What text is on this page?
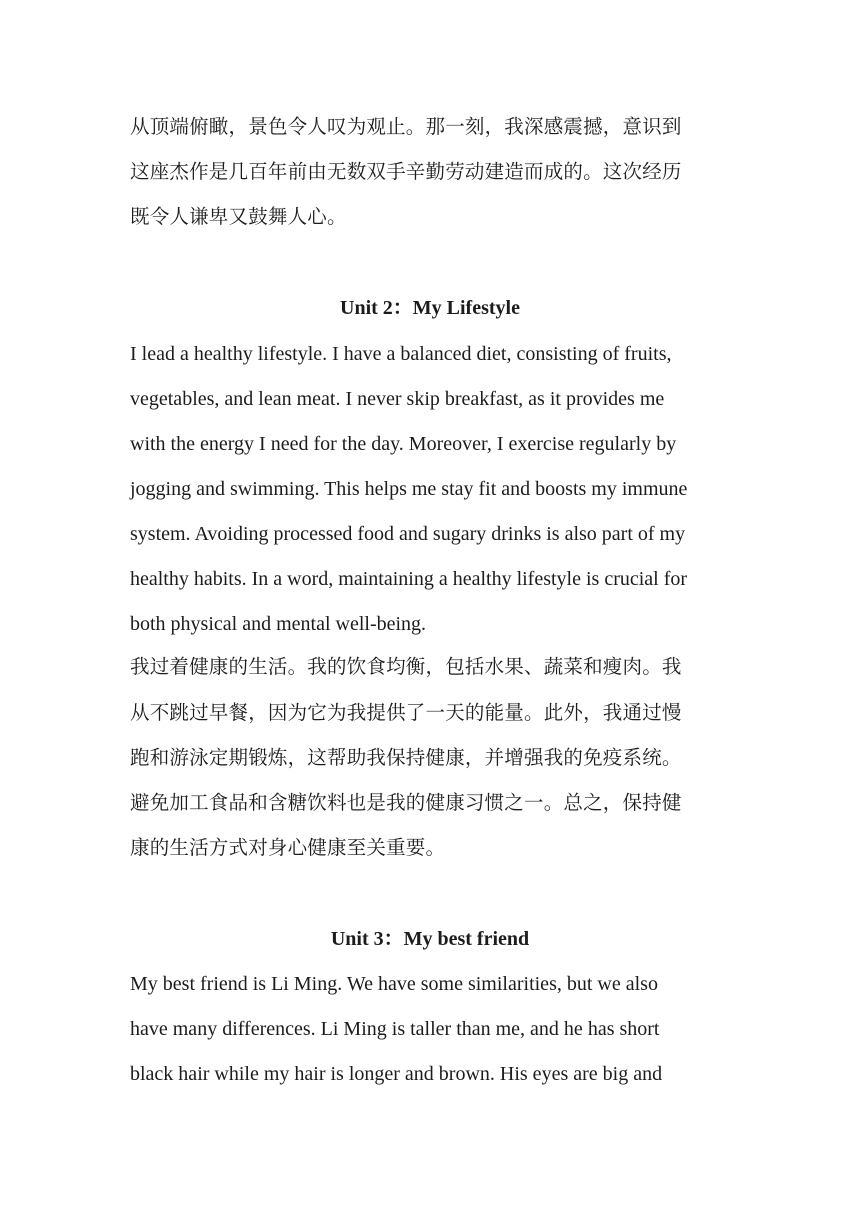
从顶端俯瞰，景色令人叹为观止。那一刻，我深感震撼，意识到
这座杰作是几百年前由无数双手辛勤劳动建造而成的。这次经历
既令人谦卑又鼓舞人心。
Unit 2：My Lifestyle
I lead a healthy lifestyle. I have a balanced diet, consisting of fruits,
vegetables, and lean meat. I never skip breakfast, as it provides me
with the energy I need for the day. Moreover, I exercise regularly by
jogging and swimming. This helps me stay fit and boosts my immune
system. Avoiding processed food and sugary drinks is also part of my
healthy habits. In a word, maintaining a healthy lifestyle is crucial for
both physical and mental well-being.
我过着健康的生活。我的饮食均衡，包括水果、蔬菜和瘦肉。我
从不跳过早餐，因为它为我提供了一天的能量。此外，我通过慢
跑和游泳定期锻炼，这帮助我保持健康，并增强我的免疫系统。
避免加工食品和含糖饮料也是我的健康习惯之一。总之，保持健
康的生活方式对身心健康至关重要。
Unit 3：My best friend
My best friend is Li Ming. We have some similarities, but we also
have many differences. Li Ming is taller than me, and he has short
black hair while my hair is longer and brown. His eyes are big and
